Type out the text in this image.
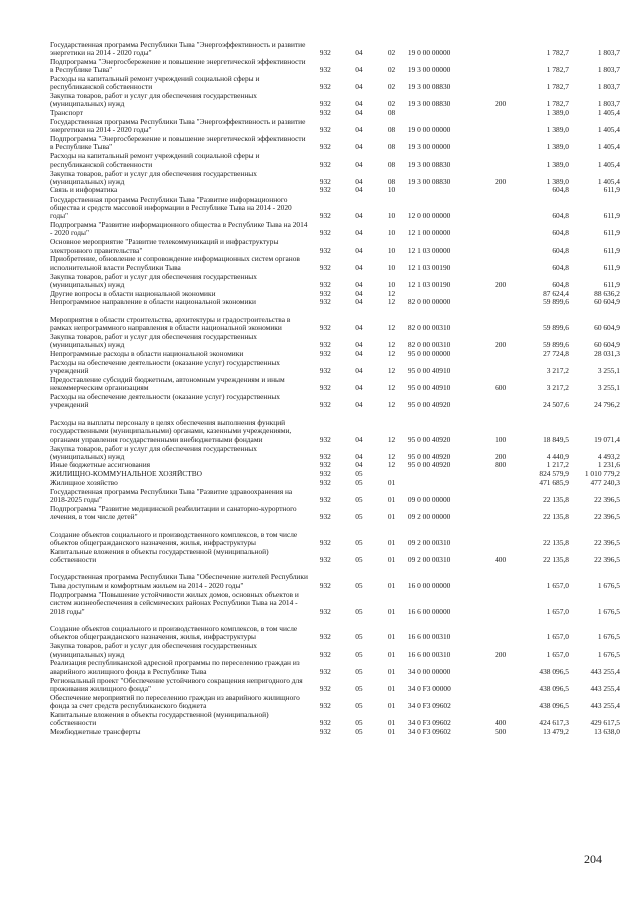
Государственная программа Республики Тыва "Энергоэффективность и развитие энергетики на 2014 - 2020 годы"	932	04	02	19 0 00 00000		1 782,7	1 803,7
Подпрограмма "Энергосбережение и повышение энергетической эффективности в Республике Тыва"	932	04	02	19 3 00 00000		1 782,7	1 803,7
Расходы на капитальный ремонт учреждений социальной сферы и республиканской собственности	932	04	02	19 3 00 08830		1 782,7	1 803,7
Закупка товаров, работ и услуг для обеспечения государственных (муниципальных) нужд	932	04	02	19 3 00 08830	200	1 782,7	1 803,7
Транспорт	932	04	08			1 389,0	1 405,4
Государственная программа Республики Тыва "Энергоэффективность и развитие энергетики на 2014 - 2020 годы"	932	04	08	19 0 00 00000		1 389,0	1 405,4
Подпрограмма "Энергосбережение и повышение энергетической эффективности в Республике Тыва"	932	04	08	19 3 00 00000		1 389,0	1 405,4
Расходы на капитальный ремонт учреждений социальной сферы и республиканской собственности	932	04	08	19 3 00 08830		1 389,0	1 405,4
Закупка товаров, работ и услуг для обеспечения государственных (муниципальных) нужд	932	04	08	19 3 00 08830	200	1 389,0	1 405,4
Связь и информатика	932	04	10			604,8	611,9
Государственная программа Республики Тыва "Развитие информационного общества и средств массовой информации в Республике Тыва на 2014 - 2020 годы"	932	04	10	12 0 00 00000		604,8	611,9
Подпрограмма "Развитие информационного общества в Республике Тыва на 2014 - 2020 годы"	932	04	10	12 1 00 00000		604,8	611,9
Основное мероприятие "Развитие телекоммуникаций и инфраструктуры электронного правительства"	932	04	10	12 1 03 00000		604,8	611,9
Приобретение, обновление и сопровождение информационных систем органов исполнительной власти Республики Тыва	932	04	10	12 1 03 00190		604,8	611,9
Закупка товаров, работ и услуг для обеспечения государственных (муниципальных) нужд	932	04	10	12 1 03 00190	200	604,8	611,9
Другие вопросы в области национальной экономики	932	04	12			87 624,4	88 636,2
Непрограммное направление в области национальной экономики	932	04	12	82 0 00 00000		59 899,6	60 604,9
Мероприятия в области строительства, архитектуры и градостроительства в рамках непрограммного направления в области национальной экономики	932	04	12	82 0 00 00310		59 899,6	60 604,9
Закупка товаров, работ и услуг для обеспечения государственных (муниципальных) нужд	932	04	12	82 0 00 00310	200	59 899,6	60 604,9
Непрограммные расходы в области национальной экономики	932	04	12	95 0 00 00000		27 724,8	28 031,3
Расходы на обеспечение деятельности (оказание услуг) государственных учреждений	932	04	12	95 0 00 40910		3 217,2	3 255,1
Предоставление субсидий бюджетным, автономным учреждениям и иным некоммерческим организациям	932	04	12	95 0 00 40910	600	3 217,2	3 255,1
Расходы на обеспечение деятельности (оказание услуг) государственных учреждений	932	04	12	95 0 00 40920		24 507,6	24 796,2
Расходы на выплаты персоналу в целях обеспечения выполнения функций государственными (муниципальными) органами, казенными учреждениями, органами управления государственными внебюджетными фондами	932	04	12	95 0 00 40920	100	18 849,5	19 071,4
Закупка товаров, работ и услуг для обеспечения государственных (муниципальных) нужд	932	04	12	95 0 00 40920	200	4 440,9	4 493,2
Иные бюджетные ассигнования	932	04	12	95 0 00 40920	800	1 217,2	1 231,6
ЖИЛИЩНО-КОММУНАЛЬНОЕ ХОЗЯЙСТВО	932	05				824 579,9	1 010 779,2
Жилищное хозяйство	932	05	01			471 685,9	477 240,3
Государственная программа Республики Тыва "Развитие здравоохранения на 2018-2025 годы"	932	05	01	09 0 00 00000		22 135,8	22 396,5
Подпрограмма "Развитие медицинской реабилитации и санаторно-курортного лечения, в том числе детей"	932	05	01	09 2 00 00000		22 135,8	22 396,5
Создание объектов социального и производственного комплексов, в том числе объектов общегражданского назначения, жилья, инфраструктуры	932	05	01	09 2 00 00310		22 135,8	22 396,5
Капитальные вложения в объекты государственной (муниципальной) собственности	932	05	01	09 2 00 00310	400	22 135,8	22 396,5
Государственная программа Республики Тыва "Обеспечение жителей Республики Тыва доступным и комфортным жильем на 2014 - 2020 годы"	932	05	01	16 0 00 00000		1 657,0	1 676,5
Подпрограмма "Повышение устойчивости жилых домов, основных объектов и систем жизнеобеспечения в сейсмических районах Республики Тыва на 2014 - 2018 годы"	932	05	01	16 6 00 00000		1 657,0	1 676,5
Создание объектов социального и производственного комплексов, в том числе объектов общегражданского назначения, жилья, инфраструктуры	932	05	01	16 6 00 00310		1 657,0	1 676,5
Закупка товаров, работ и услуг для обеспечения государственных (муниципальных) нужд	932	05	01	16 6 00 00310	200	1 657,0	1 676,5
Реализация республиканской адресной программы по переселению граждан из аварийного жилищного фонда в Республике Тыва	932	05	01	34 0 00 00000		438 096,5	443 255,4
Региональный проект "Обеспечение устойчивого сокращения непригодного для проживания жилищного фонда"	932	05	01	34 0 F3 00000		438 096,5	443 255,4
Обеспечение мероприятий по переселению граждан из аварийного жилищного фонда за счет средств республиканского бюджета	932	05	01	34 0 F3 09602		438 096,5	443 255,4
Капитальные вложения в объекты государственной (муниципальной) собственности	932	05	01	34 0 F3 09602	400	424 617,3	429 617,5
Межбюджетные трансферты	932	05	01	34 0 F3 09602	500	13 479,2	13 638,0
204
